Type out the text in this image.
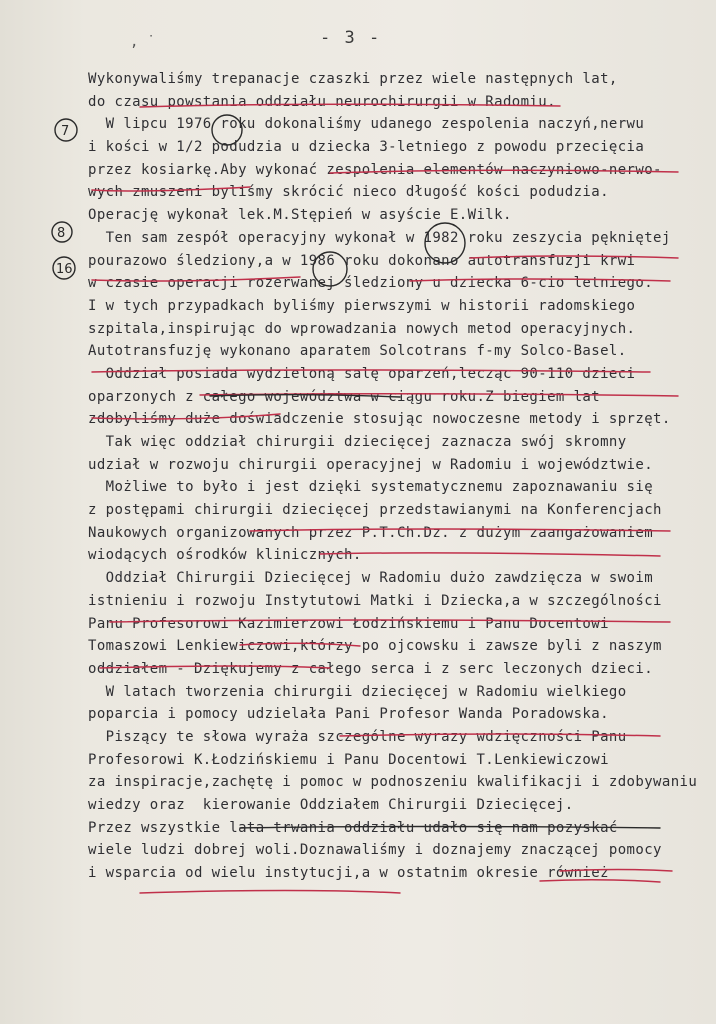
- 3 -
‚ ˙
Wykonywaliśmy trepanacje czaszki przez wiele następnych lat,
do czasu powstania oddziału neurochirurgii w Radomiu.
W lipcu 1976 roku dokonaliśmy udanego zespolenia naczyń,nerwu
i kości w 1/2 podudzia u dziecka 3-letniego z powodu przecięcia
przez kosiarkę.Aby wykonać zespolenia elementów naczyniowo-nerwo-
wych zmuszeni byliśmy skrócić nieco długość kości podudzia.
Operację wykonał lek.M.Stępień w asyście E.Wilk.
Ten sam zespół operacyjny wykonał w 1982 roku zeszycia pękniętej
pourazowo śledziony,a w 1986 roku dokonano autotransfuzji krwi
w czasie operacji rozerwanej śledziony u dziecka 6-cio letniego.
I w tych przypadkach byliśmy pierwszymi w historii radomskiego
szpitala,inspirując do wprowadzania nowych metod operacyjnych.
Autotransfuzję wykonano aparatem Solcotrans f-my Solco-Basel.
Oddział posiada wydzieloną salę oparzeń,lecząc 90-110 dzieci
oparzonych z całego województwa w ciągu roku.Z biegiem lat
zdobyliśmy duże doświadczenie stosując nowoczesne metody i sprzęt.
Tak więc oddział chirurgii dziecięcej zaznacza swój skromny
udział w rozwoju chirurgii operacyjnej w Radomiu i województwie.
Możliwe to było i jest dzięki systematycznemu zapoznawaniu się
z postępami chirurgii dziecięcej przedstawianymi na Konferencjach
Naukowych organizowanych przez P.T.Ch.Dz. z dużym zaangażowaniem
wiodących ośrodków klinicznych.
Oddział Chirurgii Dziecięcej w Radomiu dużo zawdzięcza w swoim
istnieniu i rozwoju Instytutowi Matki i Dziecka,a w szczególności
Panu Profesorowi Kazimierzowi Łodzińskiemu i Panu Docentowi
Tomaszowi Lenkiewiczowi,którzy po ojcowsku i zawsze byli z naszym
oddziałem - Dziękujemy z całego serca i z serc leczonych dzieci.
W latach tworzenia chirurgii dziecięcej w Radomiu wielkiego
poparcia i pomocy udzielała Pani Profesor Wanda Poradowska.
Piszący te słowa wyraża szczególne wyrazy wdzięczności Panu
Profesorowi K.Łodzińskiemu i Panu Docentowi T.Lenkiewiczowi
za inspiracje,zachętę i pomoc w podnoszeniu kwalifikacji i zdobywaniu
wiedzy oraz  kierowanie Oddziałem Chirurgii Dziecięcej.
Przez wszystkie lata trwania oddziału udało się nam pozyskać
wiele ludzi dobrej woli.Doznawaliśmy i doznajemy znaczącej pomocy
i wsparcia od wielu instytucji,a w ostatnim okresie również
7
8
16
